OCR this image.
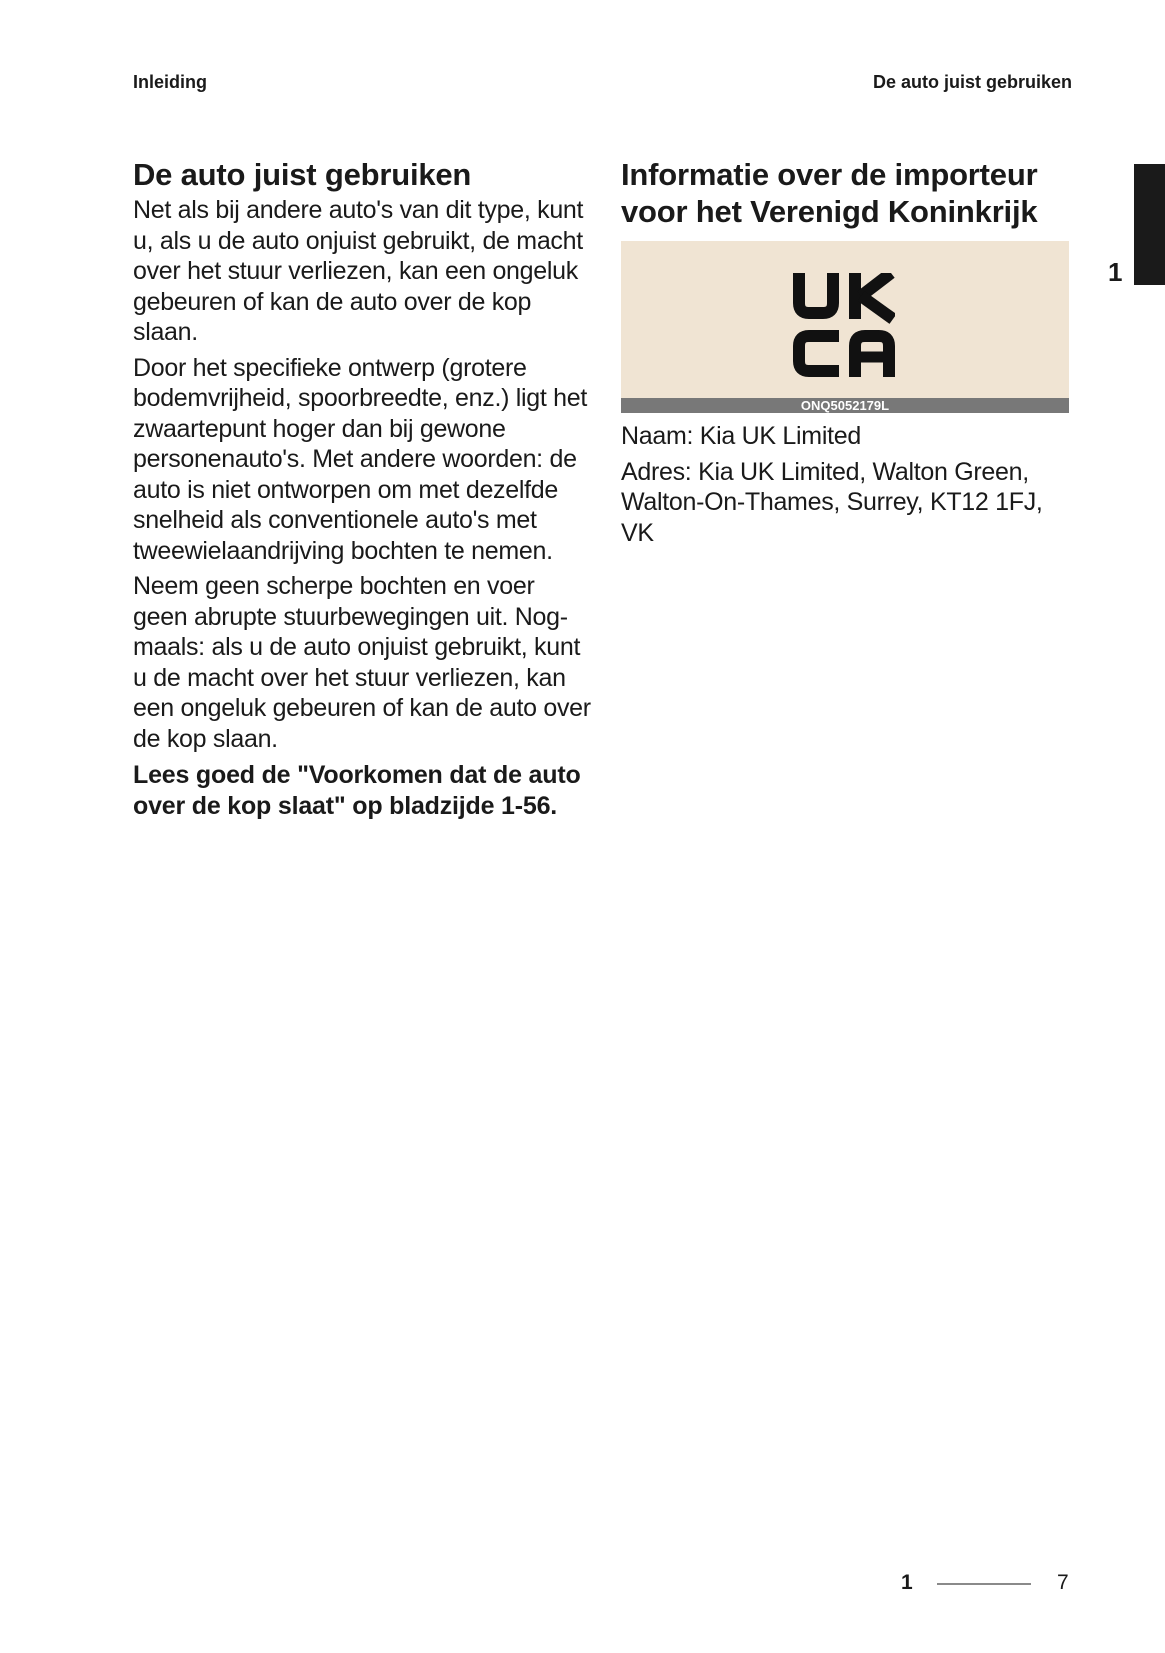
Inleiding	De auto juist gebruiken
1
De auto juist gebruiken

Net als bij andere auto's van dit type, kunt u, als u de auto onjuist gebruikt, de macht over het stuur verliezen, kan een ongeluk gebeuren of kan de auto over de kop slaan.

Door het specifieke ontwerp (grotere bodemvrijheid, spoorbreedte, enz.) ligt het zwaartepunt hoger dan bij gewone personenauto's. Met andere woorden: de auto is niet ontworpen om met dezelfde snelheid als conventionele auto's met tweewielaandrijving bochten te nemen.

Neem geen scherpe bochten en voer geen abrupte stuurbewegingen uit. Nogmaals: als u de auto onjuist gebruikt, kunt u de macht over het stuur verliezen, kan een ongeluk gebeuren of kan de auto over de kop slaan.

Lees goed de "Voorkomen dat de auto over de kop slaat" op bladzijde 1-56.

Informatie over de importeur voor het Verenigd Koninkrijk
ONQ5052179L

Naam: Kia UK Limited

Adres: Kia UK Limited, Walton Green, Walton-On-Thames, Surrey, KT12 1FJ, VK

1	7
